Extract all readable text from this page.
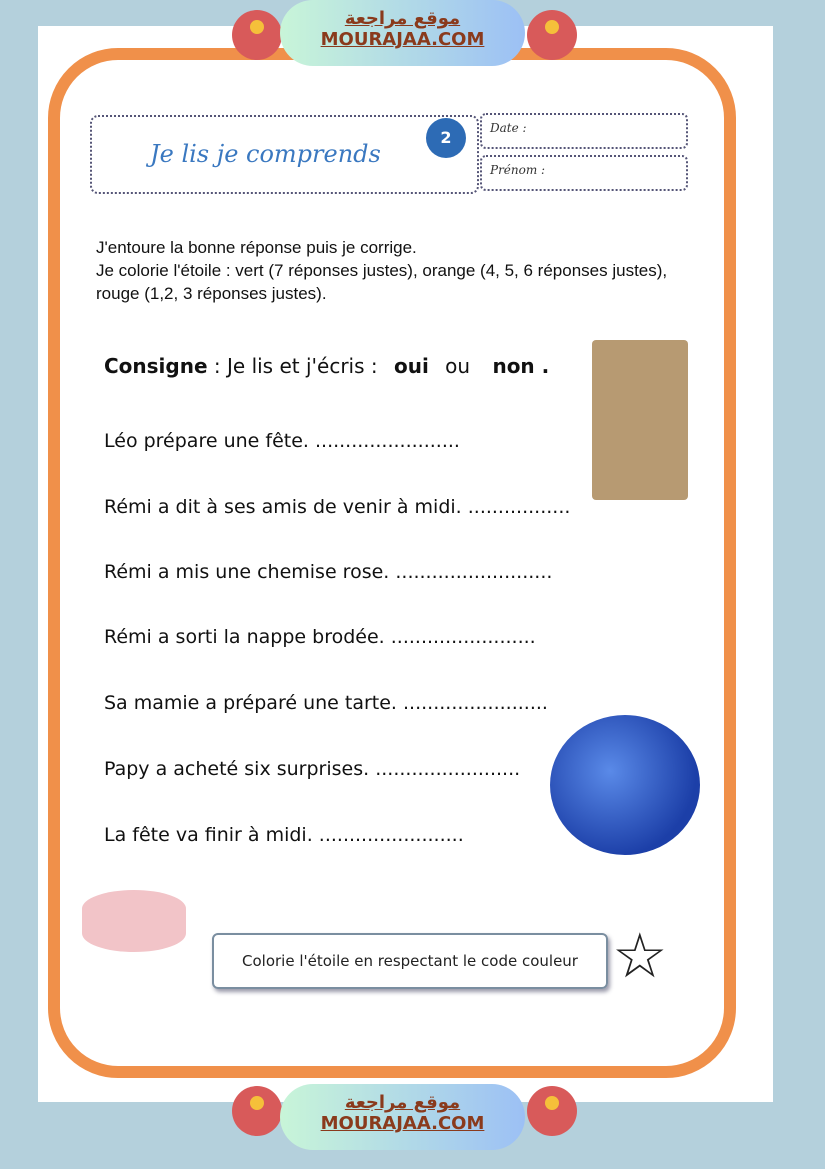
موقع مراجعة
MOURAJAA.COM
Je lis je comprends
2	Date :
Prénom :
J'entoure la bonne réponse puis je corrige.
Je colorie l'étoile : vert (7 réponses justes), orange (4, 5, 6 réponses justes), rouge (1,2, 3 réponses justes).
Consigne : Je lis et j'écris : oui ou non .
Léo prépare une fête. ........................
Rémi a dit à ses amis de venir à midi. .................
Rémi a mis une chemise rose. ..........................
Rémi a sorti la nappe brodée. ........................
Sa mamie a préparé une tarte. ........................
Papy a acheté six surprises. ........................
La fête va finir à midi. ........................
Colorie l'étoile en respectant le code couleur ☆
موقع مراجعة
MOURAJAA.COM
